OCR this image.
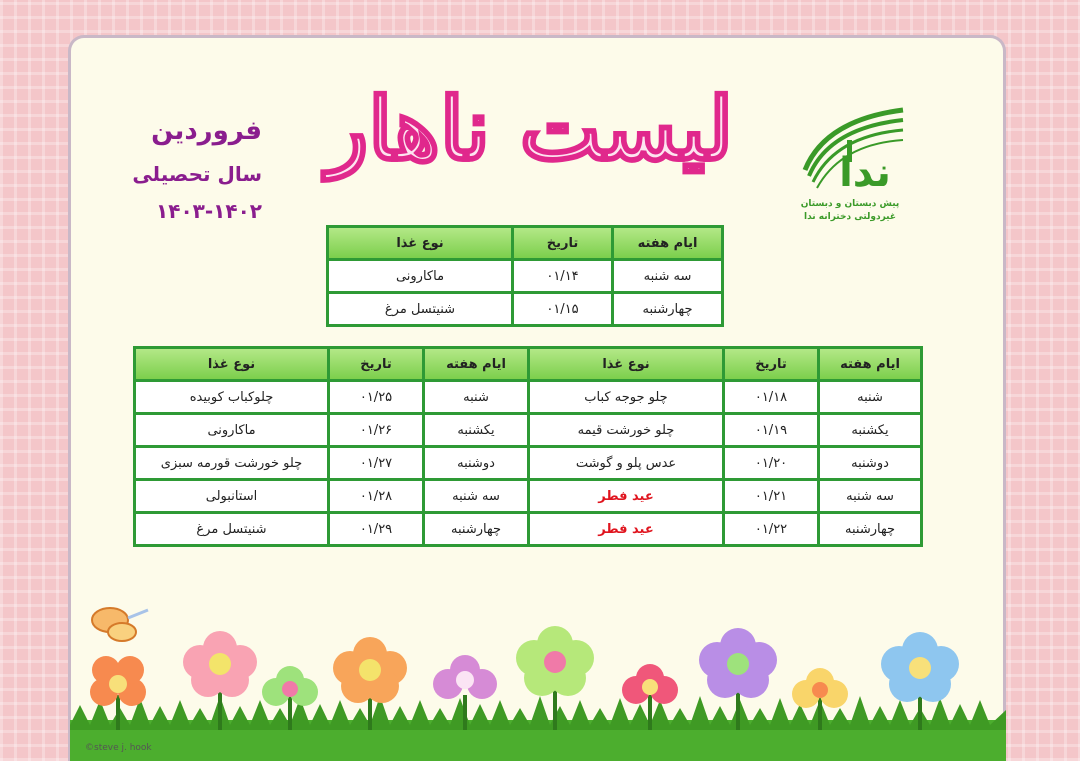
لیست ناهار
فروردین
سال تحصیلی
۱۴۰۳-۱۴۰۲
ندا
پیش دبستان و دبستان
غیردولتی دخترانه ندا
ایام هفته	تاریخ	نوع غذا
سه شنبه	۰۱/۱۴	ماکارونی
چهارشنبه	۰۱/۱۵	شنیتسل مرغ
ایام هفته	تاریخ	نوع غذا	ایام هفته	تاریخ	نوع غذا
شنبه	۰۱/۱۸	چلو جوجه کباب	شنبه	۰۱/۲۵	چلوکباب کوبیده
یکشنبه	۰۱/۱۹	چلو خورشت قیمه	یکشنبه	۰۱/۲۶	ماکارونی
دوشنبه	۰۱/۲۰	عدس پلو و گوشت	دوشنبه	۰۱/۲۷	چلو خورشت قورمه سبزی
سه شنبه	۰۱/۲۱	عید فطر	سه شنبه	۰۱/۲۸	استانبولی
چهارشنبه	۰۱/۲۲	عید فطر	چهارشنبه	۰۱/۲۹	شنیتسل مرغ
©steve j. hook
